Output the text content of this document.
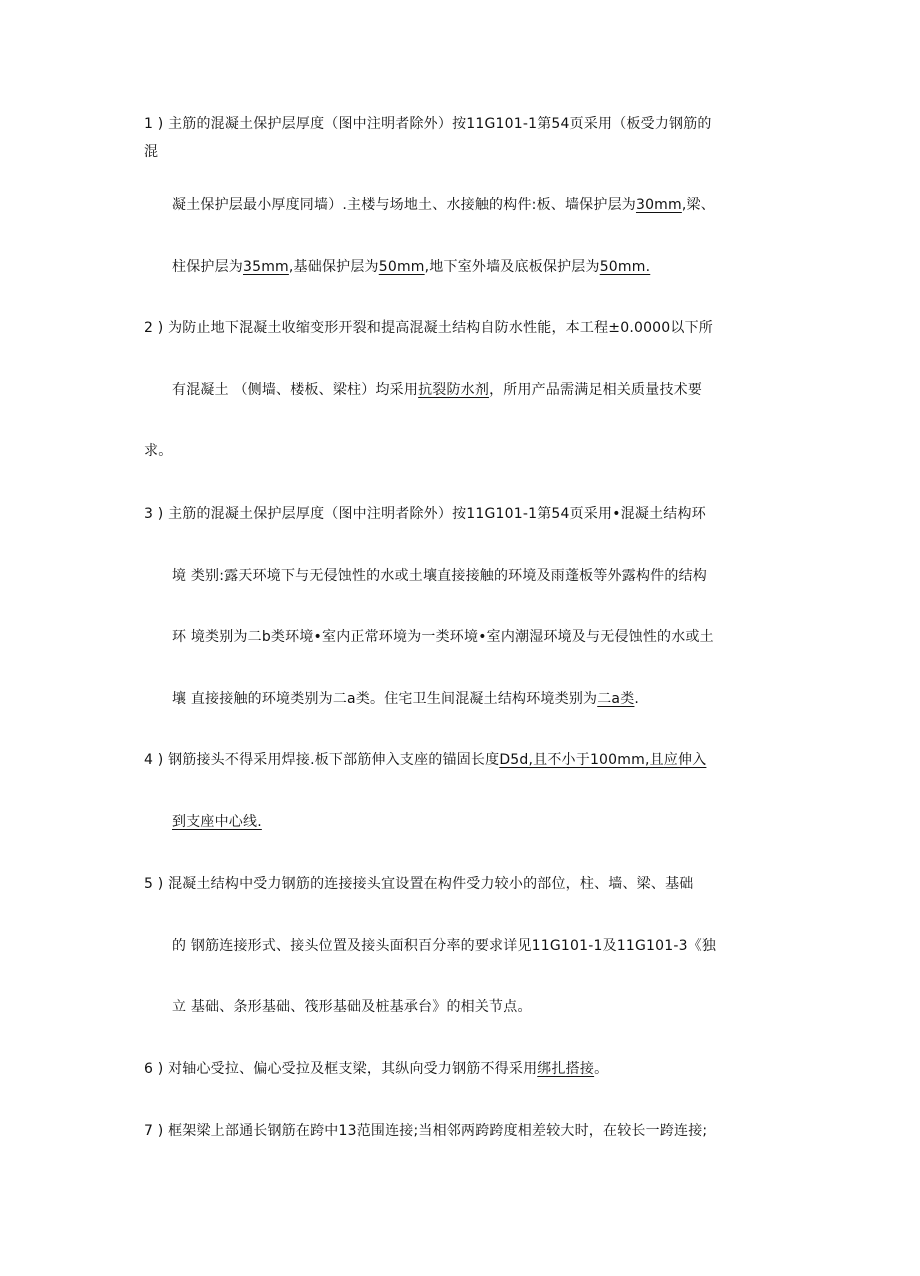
1 ) 主筋的混凝土保护层厚度（图中注明者除外）按11G101-1第54页采用（板受力钢筋的
混
凝土保护层最小厚度同墙）.主楼与场地土、水接触的构件:板、墙保护层为30mm,梁、
柱保护层为35mm,基础保护层为50mm,地下室外墙及底板保护层为50mm.
2 ) 为防止地下混凝土收缩变形开裂和提高混凝土结构自防水性能，本工程±0.0000以下所
有混凝土 （侧墙、楼板、梁柱）均采用抗裂防水剂，所用产品需满足相关质量技术要
求。
3 ) 主筋的混凝土保护层厚度（图中注明者除外）按11G101-1第54页采用•混凝土结构环
境 类别:露天环境下与无侵蚀性的水或土壤直接接触的环境及雨蓬板等外露构件的结构
环 境类别为二b类环境•室内正常环境为一类环境•室内潮湿环境及与无侵蚀性的水或土
壤 直接接触的环境类别为二a类。住宅卫生间混凝土结构环境类别为二a类.
4 ) 钢筋接头不得采用焊接.板下部筋伸入支座的锚固长度D5d,且不小于100mm,且应伸入
到支座中心线.
5 ) 混凝土结构中受力钢筋的连接接头宜设置在构件受力较小的部位，柱、墙、梁、基础
的 钢筋连接形式、接头位置及接头面积百分率的要求详见11G101-1及11G101-3《独
立 基础、条形基础、筏形基础及桩基承台》的相关节点。
6 ) 对轴心受拉、偏心受拉及框支梁，其纵向受力钢筋不得采用绑扎搭接。
7 ) 框架梁上部通长钢筋在跨中13范围连接;当相邻两跨跨度相差较大时，在较长一跨连接;
